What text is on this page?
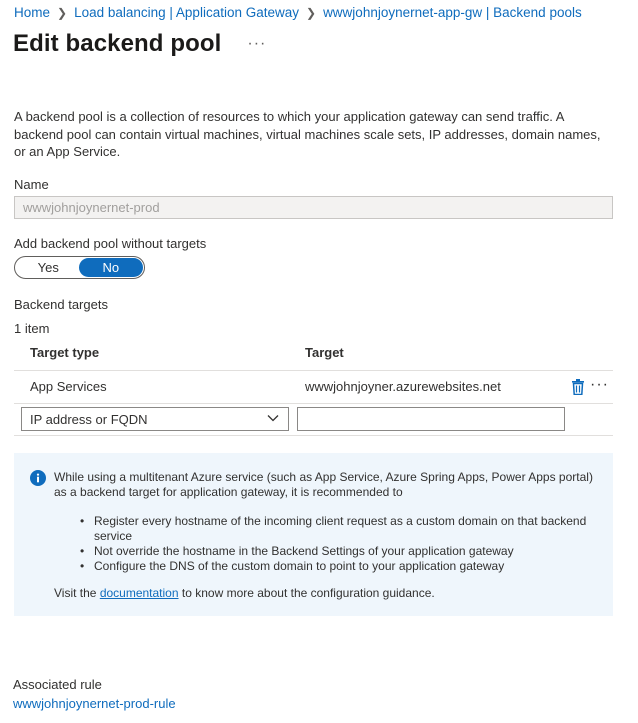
Home ❯ Load balancing | Application Gateway ❯ wwwjohnjoynernet-app-gw | Backend pools
Edit backend pool ···

A backend pool is a collection of resources to which your application gateway can send traffic. A backend pool can contain virtual machines, virtual machines scale sets, IP addresses, domain names, or an App Service.

Name
wwwjohnjoynernet-prod
Add backend pool without targets
Yes	No
Backend targets
1 item
Target type	Target
App Services	wwwjohnjoyner.azurewebsites.net	···
IP address or FQDN
While using a multitenant Azure service (such as App Service, Azure Spring Apps, Power Apps portal) as a backend target for application gateway, it is recommended to
• Register every hostname of the incoming client request as a custom domain on that backend service
• Not override the hostname in the Backend Settings of your application gateway
• Configure the DNS of the custom domain to point to your application gateway
Visit the documentation to know more about the configuration guidance.
Associated rule
wwwjohnjoynernet-prod-rule
